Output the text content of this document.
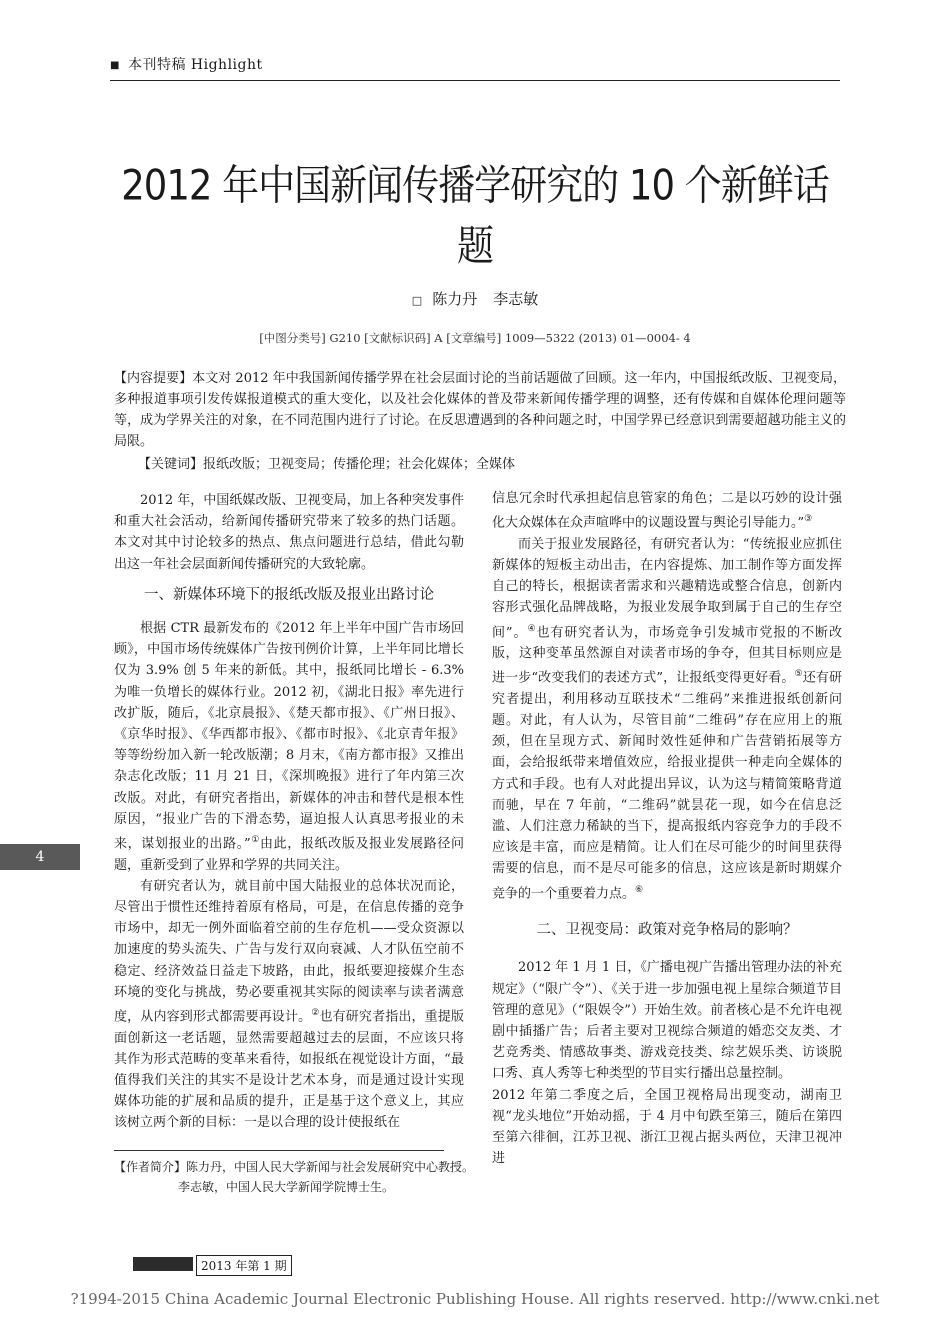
■ 本刊特稿 Highlight
2012 年中国新闻传播学研究的 10 个新鲜话题
□ 陈力丹 李志敏
[中图分类号] G210 [文献标识码] A [文章编号] 1009—5322 (2013) 01—0004- 4
【内容提要】本文对 2012 年中我国新闻传播学界在社会层面讨论的当前话题做了回顾。这一年内，中国报纸改版、卫视变局，多种报道事项引发传媒报道模式的重大变化，以及社会化媒体的普及带来新闻传播学理的调整，还有传媒和自媒体伦理问题等等，成为学界关注的对象，在不同范围内进行了讨论。在反思遭遇到的各种问题之时，中国学界已经意识到需要超越功能主义的局限。
【关键词】报纸改版；卫视变局；传播伦理；社会化媒体；全媒体

2012 年，中国纸媒改版、卫视变局，加上各种突发事件和重大社会活动，给新闻传播研究带来了较多的热门话题。本文对其中讨论较多的热点、焦点问题进行总结，借此勾勒出这一年社会层面新闻传播研究的大致轮廓。

一、新媒体环境下的报纸改版及报业出路讨论

根据 CTR 最新发布的《2012 年上半年中国广告市场回顾》，中国市场传统媒体广告按刊例价计算，上半年同比增长仅为 3.9% 创 5 年来的新低。其中，报纸同比增长 - 6.3% 为唯一负增长的媒体行业。2012 初，《湖北日报》率先进行改扩版，随后，《北京晨报》、《楚天都市报》、《广州日报》、《京华时报》、《华西都市报》、《都市时报》、《北京青年报》等等纷纷加入新一轮改版潮；8 月末，《南方都市报》又推出杂志化改版；11 月 21 日，《深圳晚报》进行了年内第三次改版。对此，有研究者指出，新媒体的冲击和替代是根本性原因，“报业广告的下滑态势，逼迫报人认真思考报业的未来，谋划报业的出路。”①由此，报纸改版及报业发展路径问题，重新受到了业界和学界的共同关注。

有研究者认为，就目前中国大陆报业的总体状况而论，尽管出于惯性还维持着原有格局，可是，在信息传播的竞争市场中，却无一例外面临着空前的生存危机——受众资源以加速度的势头流失、广告与发行双向衰减、人才队伍空前不稳定、经济效益日益走下坡路，由此，报纸要迎接媒介生态环境的变化与挑战，势必要重视其实际的阅读率与读者满意度，从内容到形式都需要再设计。②也有研究者指出，重提版面创新这一老话题，显然需要超越过去的层面，不应该只将其作为形式范畴的变革来看待，如报纸在视觉设计方面，“最值得我们关注的其实不是设计艺术本身，而是通过设计实现媒体功能的扩展和品质的提升，正是基于这个意义上，其应该树立两个新的目标：一是以合理的设计使报纸在

信息冗余时代承担起信息管家的角色；二是以巧妙的设计强化大众媒体在众声喧哗中的议题设置与舆论引导能力。”③

而关于报业发展路径，有研究者认为：“传统报业应抓住新媒体的短板主动出击，在内容提炼、加工制作等方面发挥自己的特长，根据读者需求和兴趣精选或整合信息，创新内容形式强化品牌战略，为报业发展争取到属于自己的生存空间”。④也有研究者认为，市场竞争引发城市党报的不断改版，这种变革虽然源自对读者市场的争夺，但其目标则应是进一步“改变我们的表述方式”，让报纸变得更好看。⑤还有研究者提出，利用移动互联技术“二维码”来推进报纸创新问题。对此，有人认为，尽管目前“二维码”存在应用上的瓶颈，但在呈现方式、新闻时效性延伸和广告营销拓展等方面，会给报纸带来增值效应，给报业提供一种走向全媒体的方式和手段。也有人对此提出异议，认为这与精简策略背道而驰，早在 7 年前，“二维码”就昙花一现，如今在信息泛滥、人们注意力稀缺的当下，提高报纸内容竞争力的手段不应该是丰富，而应是精简。让人们在尽可能少的时间里获得需要的信息，而不是尽可能多的信息，这应该是新时期媒介竞争的一个重要着力点。⑥

二、卫视变局：政策对竞争格局的影响？

2012 年 1 月 1 日，《广播电视广告播出管理办法的补充规定》（“限广令”）、《关于进一步加强电视上星综合频道节目管理的意见》（“限娱令”）开始生效。前者核心是不允许电视剧中插播广告；后者主要对卫视综合频道的婚恋交友类、才艺竞秀类、情感故事类、游戏竞技类、综艺娱乐类、访谈脱口秀、真人秀等七种类型的节目实行播出总量控制。

2012 年第二季度之后，全国卫视格局出现变动，湖南卫视“龙头地位”开始动摇，于 4 月中旬跌至第三，随后在第四至第六徘徊，江苏卫视、浙江卫视占据头两位，天津卫视冲进

4
【作者简介】陈力丹，中国人民大学新闻与社会发展研究中心教授。
李志敏，中国人民大学新闻学院博士生。
2013 年第 1 期
?1994-2015 China Academic Journal Electronic Publishing House. All rights reserved. http://www.cnki.net
